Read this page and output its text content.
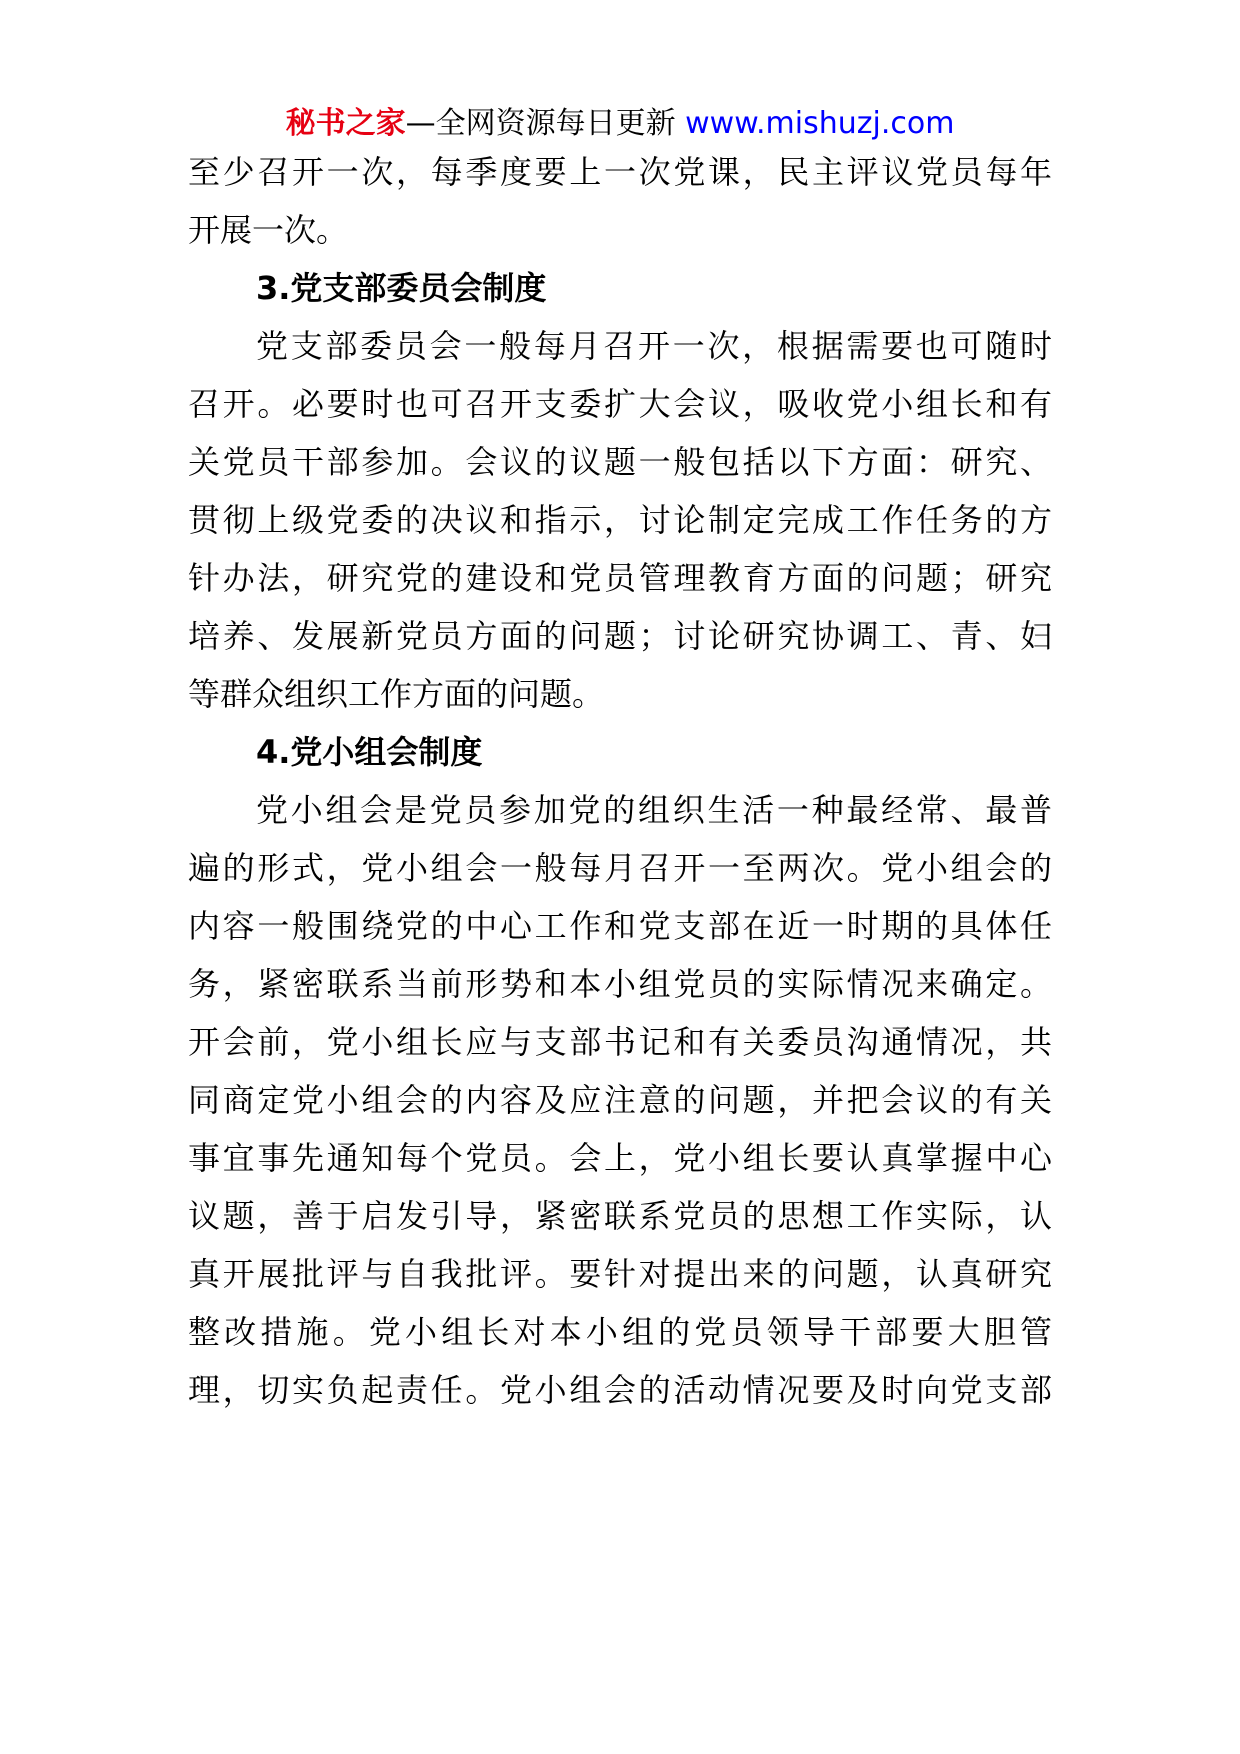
秘书之家—全网资源每日更新 www.mishuzj.com
至少召开一次，每季度要上一次党课，民主评议党员每年
开展一次。
3.党支部委员会制度
党支部委员会一般每月召开一次，根据需要也可随时
召开。必要时也可召开支委扩大会议，吸收党小组长和有
关党员干部参加。会议的议题一般包括以下方面：研究、
贯彻上级党委的决议和指示，讨论制定完成工作任务的方
针办法，研究党的建设和党员管理教育方面的问题；研究
培养、发展新党员方面的问题；讨论研究协调工、青、妇
等群众组织工作方面的问题。
4.党小组会制度
党小组会是党员参加党的组织生活一种最经常、最普
遍的形式，党小组会一般每月召开一至两次。党小组会的
内容一般围绕党的中心工作和党支部在近一时期的具体任
务，紧密联系当前形势和本小组党员的实际情况来确定。
开会前，党小组长应与支部书记和有关委员沟通情况，共
同商定党小组会的内容及应注意的问题，并把会议的有关
事宜事先通知每个党员。会上，党小组长要认真掌握中心
议题，善于启发引导，紧密联系党员的思想工作实际，认
真开展批评与自我批评。要针对提出来的问题，认真研究
整改措施。党小组长对本小组的党员领导干部要大胆管
理，切实负起责任。党小组会的活动情况要及时向党支部
